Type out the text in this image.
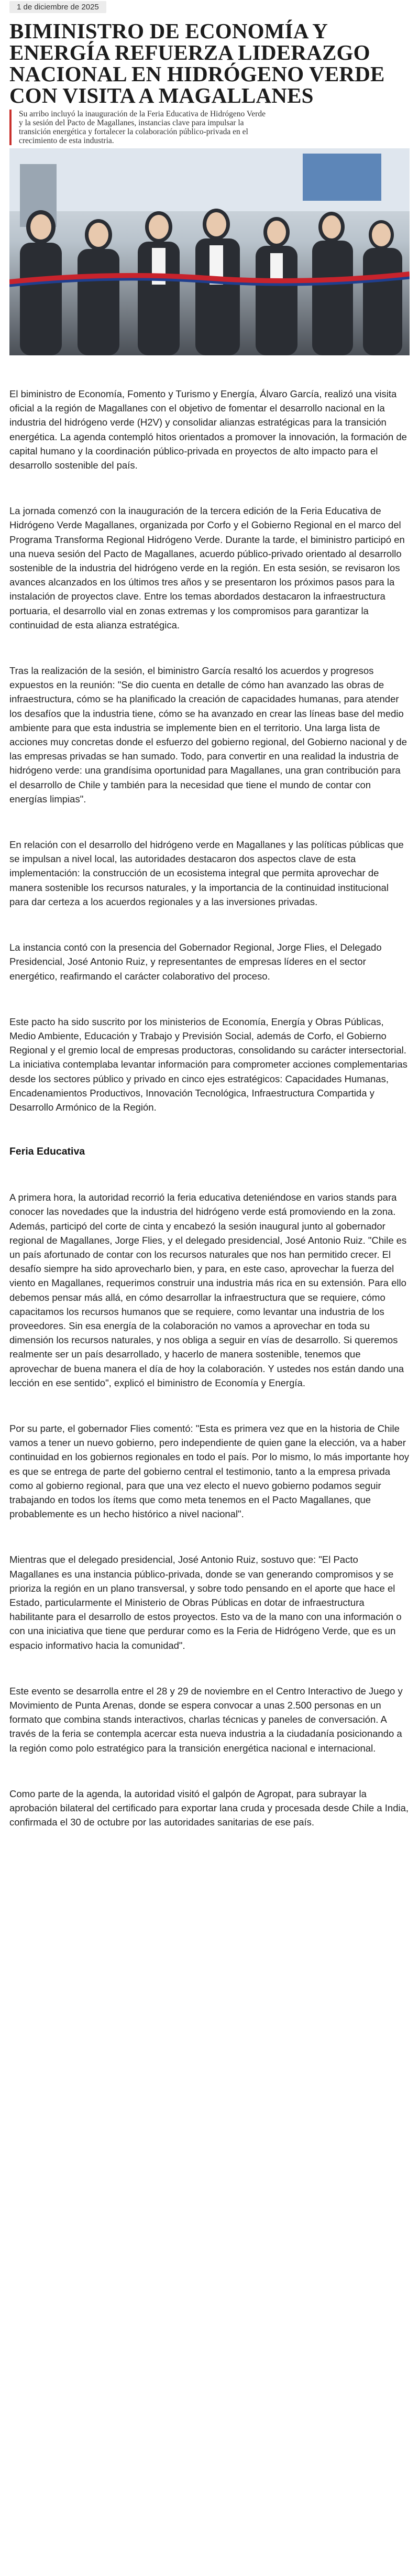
1 de diciembre de 2025
BIMINISTRO DE ECONOMÍA Y ENERGÍA REFUERZA LIDERAZGO NACIONAL EN HIDRÓGENO VERDE CON VISITA A MAGALLANES

Su arribo incluyó la inauguración de la Feria Educativa de Hidrógeno Verde y la sesión del Pacto de Magallanes, instancias clave para impulsar la transición energética y fortalecer la colaboración público-privada en el crecimiento de esta industria.

El biministro de Economía, Fomento y Turismo y Energía, Álvaro García, realizó una visita oficial a la región de Magallanes con el objetivo de fomentar el desarrollo nacional en la industria del hidrógeno verde (H2V) y consolidar alianzas estratégicas para la transición energética. La agenda contempló hitos orientados a promover la innovación, la formación de capital humano y la coordinación público-privada en proyectos de alto impacto para el desarrollo sostenible del país.

La jornada comenzó con la inauguración de la tercera edición de la Feria Educativa de Hidrógeno Verde Magallanes, organizada por Corfo y el Gobierno Regional en el marco del Programa Transforma Regional Hidrógeno Verde. Durante la tarde, el biministro participó en una nueva sesión del Pacto de Magallanes, acuerdo público-privado orientado al desarrollo sostenible de la industria del hidrógeno verde en la región. En esta sesión, se revisaron los avances alcanzados en los últimos tres años y se presentaron los próximos pasos para la instalación de proyectos clave. Entre los temas abordados destacaron la infraestructura portuaria, el desarrollo vial en zonas extremas y los compromisos para garantizar la continuidad de esta alianza estratégica.

Tras la realización de la sesión, el biministro García resaltó los acuerdos y progresos expuestos en la reunión: "Se dio cuenta en detalle de cómo han avanzado las obras de infraestructura, cómo se ha planificado la creación de capacidades humanas, para atender los desafíos que la industria tiene, cómo se ha avanzado en crear las líneas base del medio ambiente para que esta industria se implemente bien en el territorio. Una larga lista de acciones muy concretas donde el esfuerzo del gobierno regional, del Gobierno nacional y de las empresas privadas se han sumado. Todo, para convertir en una realidad la industria de hidrógeno verde: una grandísima oportunidad para Magallanes, una gran contribución para el desarrollo de Chile y también para la necesidad que tiene el mundo de contar con energías limpias".

En relación con el desarrollo del hidrógeno verde en Magallanes y las políticas públicas que se impulsan a nivel local, las autoridades destacaron dos aspectos clave de esta implementación: la construcción de un ecosistema integral que permita aprovechar de manera sostenible los recursos naturales, y la importancia de la continuidad institucional para dar certeza a los acuerdos regionales y a las inversiones privadas.

La instancia contó con la presencia del Gobernador Regional, Jorge Flies, el Delegado Presidencial, José Antonio Ruiz, y representantes de empresas líderes en el sector energético, reafirmando el carácter colaborativo del proceso.

Este pacto ha sido suscrito por los ministerios de Economía, Energía y Obras Públicas, Medio Ambiente, Educación y Trabajo y Previsión Social, además de Corfo, el Gobierno Regional y el gremio local de empresas productoras, consolidando su carácter intersectorial. La iniciativa contemplaba levantar información para comprometer acciones complementarias desde los sectores público y privado en cinco ejes estratégicos: Capacidades Humanas, Encadenamientos Productivos, Innovación Tecnológica, Infraestructura Compartida y Desarrollo Armónico de la Región.

Feria Educativa

A primera hora, la autoridad recorrió la feria educativa deteniéndose en varios stands para conocer las novedades que la industria del hidrógeno verde está promoviendo en la zona. Además, participó del corte de cinta y encabezó la sesión inaugural junto al gobernador regional de Magallanes, Jorge Flies, y el delegado presidencial, José Antonio Ruiz. "Chile es un país afortunado de contar con los recursos naturales que nos han permitido crecer. El desafío siempre ha sido aprovecharlo bien, y para, en este caso, aprovechar la fuerza del viento en Magallanes, requerimos construir una industria más rica en su extensión. Para ello debemos pensar más allá, en cómo desarrollar la infraestructura que se requiere, cómo capacitamos los recursos humanos que se requiere, como levantar una industria de los proveedores. Sin esa energía de la colaboración no vamos a aprovechar en toda su dimensión los recursos naturales, y nos obliga a seguir en vías de desarrollo. Si queremos realmente ser un país desarrollado, y hacerlo de manera sostenible, tenemos que aprovechar de buena manera el día de hoy la colaboración. Y ustedes nos están dando una lección en ese sentido", explicó el biministro de Economía y Energía.

Por su parte, el gobernador Flies comentó: "Esta es primera vez que en la historia de Chile vamos a tener un nuevo gobierno, pero independiente de quien gane la elección, va a haber continuidad en los gobiernos regionales en todo el país. Por lo mismo, lo más importante hoy es que se entrega de parte del gobierno central el testimonio, tanto a la empresa privada como al gobierno regional, para que una vez electo el nuevo gobierno podamos seguir trabajando en todos los ítems que como meta tenemos en el Pacto Magallanes, que probablemente es un hecho histórico a nivel nacional".

Mientras que el delegado presidencial, José Antonio Ruiz, sostuvo que: "El Pacto Magallanes es una instancia público-privada, donde se van generando compromisos y se prioriza la región en un plano transversal, y sobre todo pensando en el aporte que hace el Estado, particularmente el Ministerio de Obras Públicas en dotar de infraestructura habilitante para el desarrollo de estos proyectos. Esto va de la mano con una información o con una iniciativa que tiene que perdurar como es la Feria de Hidrógeno Verde, que es un espacio informativo hacia la comunidad".

Este evento se desarrolla entre el 28 y 29 de noviembre en el Centro Interactivo de Juego y Movimiento de Punta Arenas, donde se espera convocar a unas 2.500 personas en un formato que combina stands interactivos, charlas técnicas y paneles de conversación. A través de la feria se contempla acercar esta nueva industria a la ciudadanía posicionando a la región como polo estratégico para la transición energética nacional e internacional.

Como parte de la agenda, la autoridad visitó el galpón de Agropat, para subrayar la aprobación bilateral del certificado para exportar lana cruda y procesada desde Chile a India, confirmada el 30 de octubre por las autoridades sanitarias de ese país.
